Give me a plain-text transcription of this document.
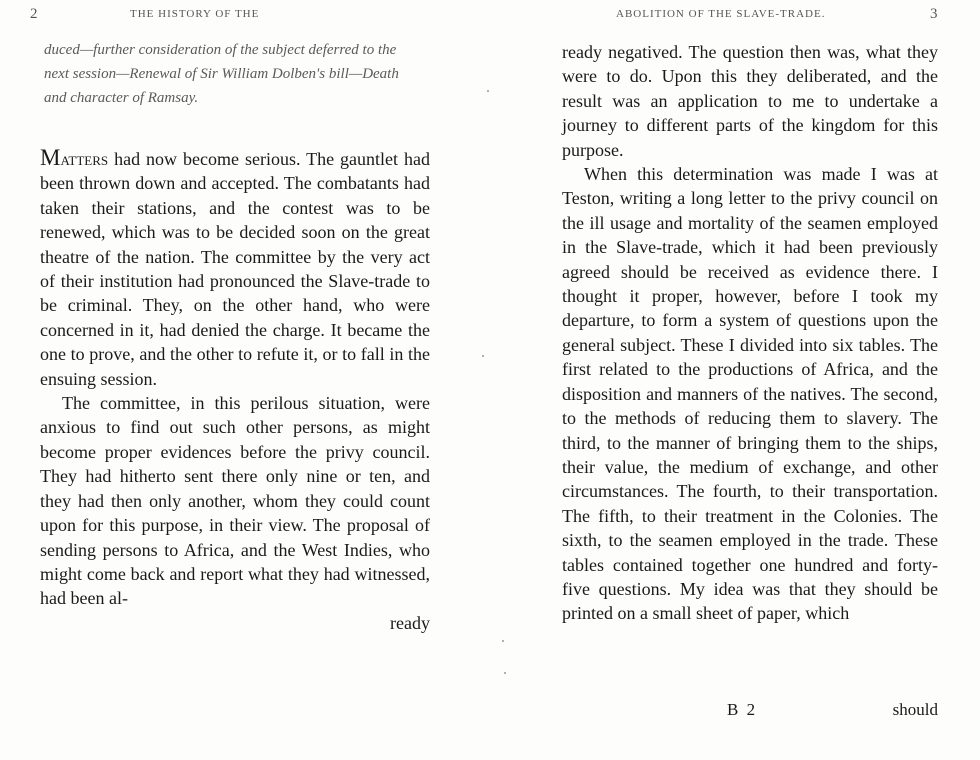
2	THE HISTORY OF THE
duced—further consideration of the subject deferred to the next session—Renewal of Sir William Dolben's bill—Death and character of Ramsay.

Matters had now become serious. The gauntlet had been thrown down and accepted. The combatants had taken their stations, and the contest was to be renewed, which was to be decided soon on the great theatre of the nation. The committee by the very act of their institution had pronounced the Slave-trade to be criminal. They, on the other hand, who were concerned in it, had denied the charge. It became the one to prove, and the other to refute it, or to fall in the ensuing session.

The committee, in this perilous situation, were anxious to find out such other persons, as might become proper evidences before the privy council. They had hitherto sent there only nine or ten, and they had then only another, whom they could count upon for this purpose, in their view. The proposal of sending persons to Africa, and the West Indies, who might come back and report what they had witnessed, had been al-

ready

ABOLITION OF THE SLAVE-TRADE.	3

ready negatived. The question then was, what they were to do. Upon this they deliberated, and the result was an application to me to undertake a journey to different parts of the kingdom for this purpose.

When this determination was made I was at Teston, writing a long letter to the privy council on the ill usage and mortality of the seamen employed in the Slave-trade, which it had been previously agreed should be received as evidence there. I thought it proper, however, before I took my departure, to form a system of questions upon the general subject. These I divided into six tables. The first related to the productions of Africa, and the disposition and manners of the natives. The second, to the methods of reducing them to slavery. The third, to the manner of bringing them to the ships, their value, the medium of exchange, and other circumstances. The fourth, to their transportation. The fifth, to their treatment in the Colonies. The sixth, to the seamen employed in the trade. These tables contained together one hundred and forty-five questions. My idea was that they should be printed on a small sheet of paper, which

B 2	should
